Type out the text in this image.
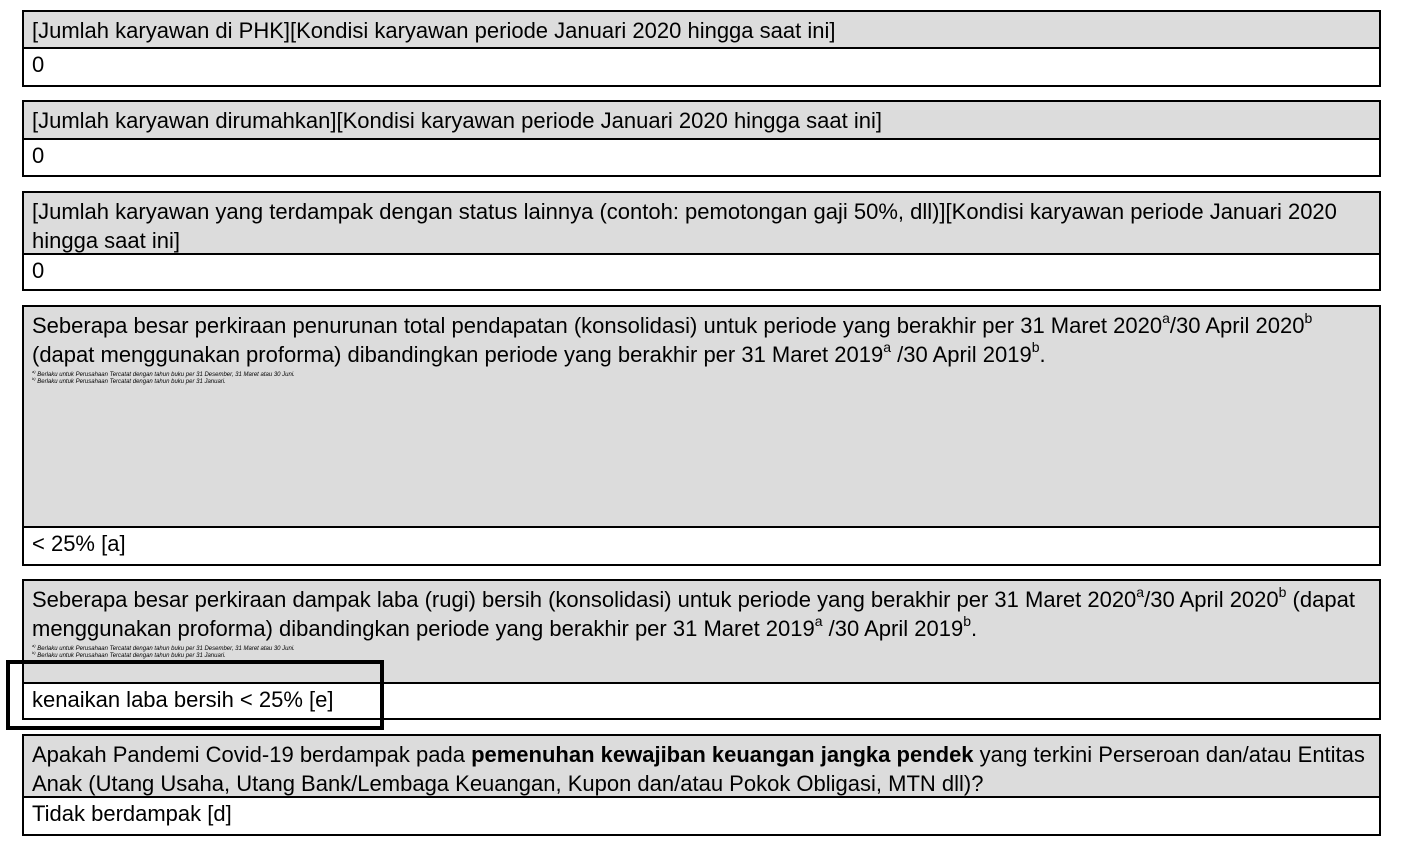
[Jumlah karyawan di PHK][Kondisi karyawan periode Januari 2020 hingga saat ini]
0
[Jumlah karyawan dirumahkan][Kondisi karyawan periode Januari 2020 hingga saat ini]
0
[Jumlah karyawan yang terdampak dengan status lainnya (contoh: pemotongan gaji 50%, dll)][Kondisi karyawan periode Januari 2020 hingga saat ini]
0
Seberapa besar perkiraan penurunan total pendapatan (konsolidasi) untuk periode yang berakhir per 31 Maret 2020$^a$/30 April 2020$^b$ (dapat menggunakan proforma) dibandingkan periode yang berakhir per 31 Maret 2019$^a$ /30 April 2019$^b$.
$^{a)}$ Berlaku untuk Perusahaan Tercatat dengan tahun buku per 31 Desember, 31 Maret atau 30 Juni.
$^{b)}$ Berlaku untuk Perusahaan Tercatat dengan tahun buku per 31 Januari.
< 25% [a]
Seberapa besar perkiraan dampak laba (rugi) bersih (konsolidasi) untuk periode yang berakhir per 31 Maret 2020$^a$/30 April 2020$^b$ (dapat menggunakan proforma) dibandingkan periode yang berakhir per 31 Maret 2019$^a$ /30 April 2019$^b$.
$^{a)}$ Berlaku untuk Perusahaan Tercatat dengan tahun buku per 31 Desember, 31 Maret atau 30 Juni.
$^{b)}$ Berlaku untuk Perusahaan Tercatat dengan tahun buku per 31 Januari.
kenaikan laba bersih < 25% [e]
Apakah Pandemi Covid-19 berdampak pada pemenuhan kewajiban keuangan jangka pendek yang terkini Perseroan dan/atau Entitas Anak (Utang Usaha, Utang Bank/Lembaga Keuangan, Kupon dan/atau Pokok Obligasi, MTN dll)?
Tidak berdampak [d]
